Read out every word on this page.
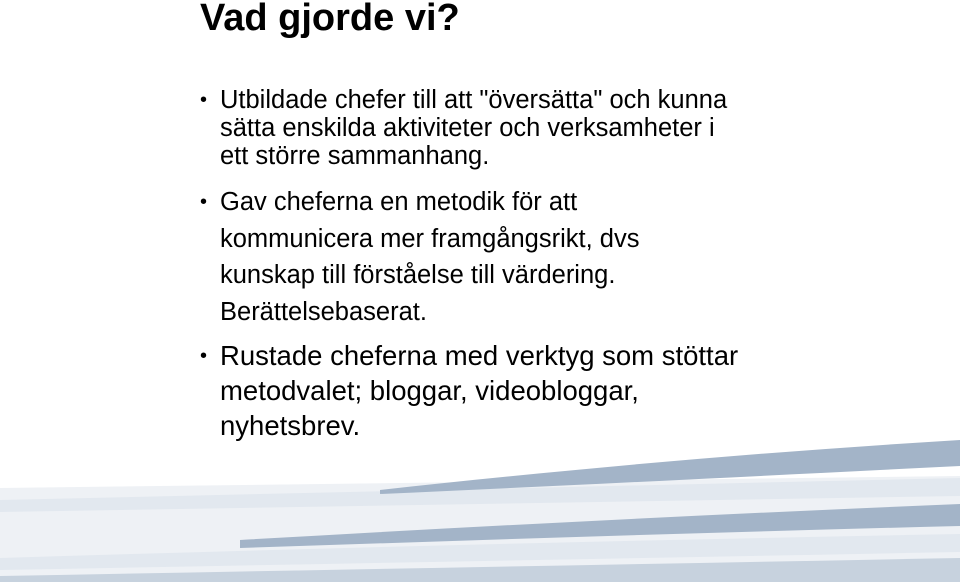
Vad gjorde vi?
• Utbildade chefer till att "översätta" och kunna
sätta enskilda aktiviteter och verksamheter i
ett större sammanhang.
• Gav cheferna en metodik för att
kommunicera mer framgångsrikt, dvs
kunskap till förståelse till värdering.
Berättelsebaserat.
• Rustade cheferna med verktyg som stöttar
metodvalet; bloggar, videobloggar,
nyhetsbrev.
